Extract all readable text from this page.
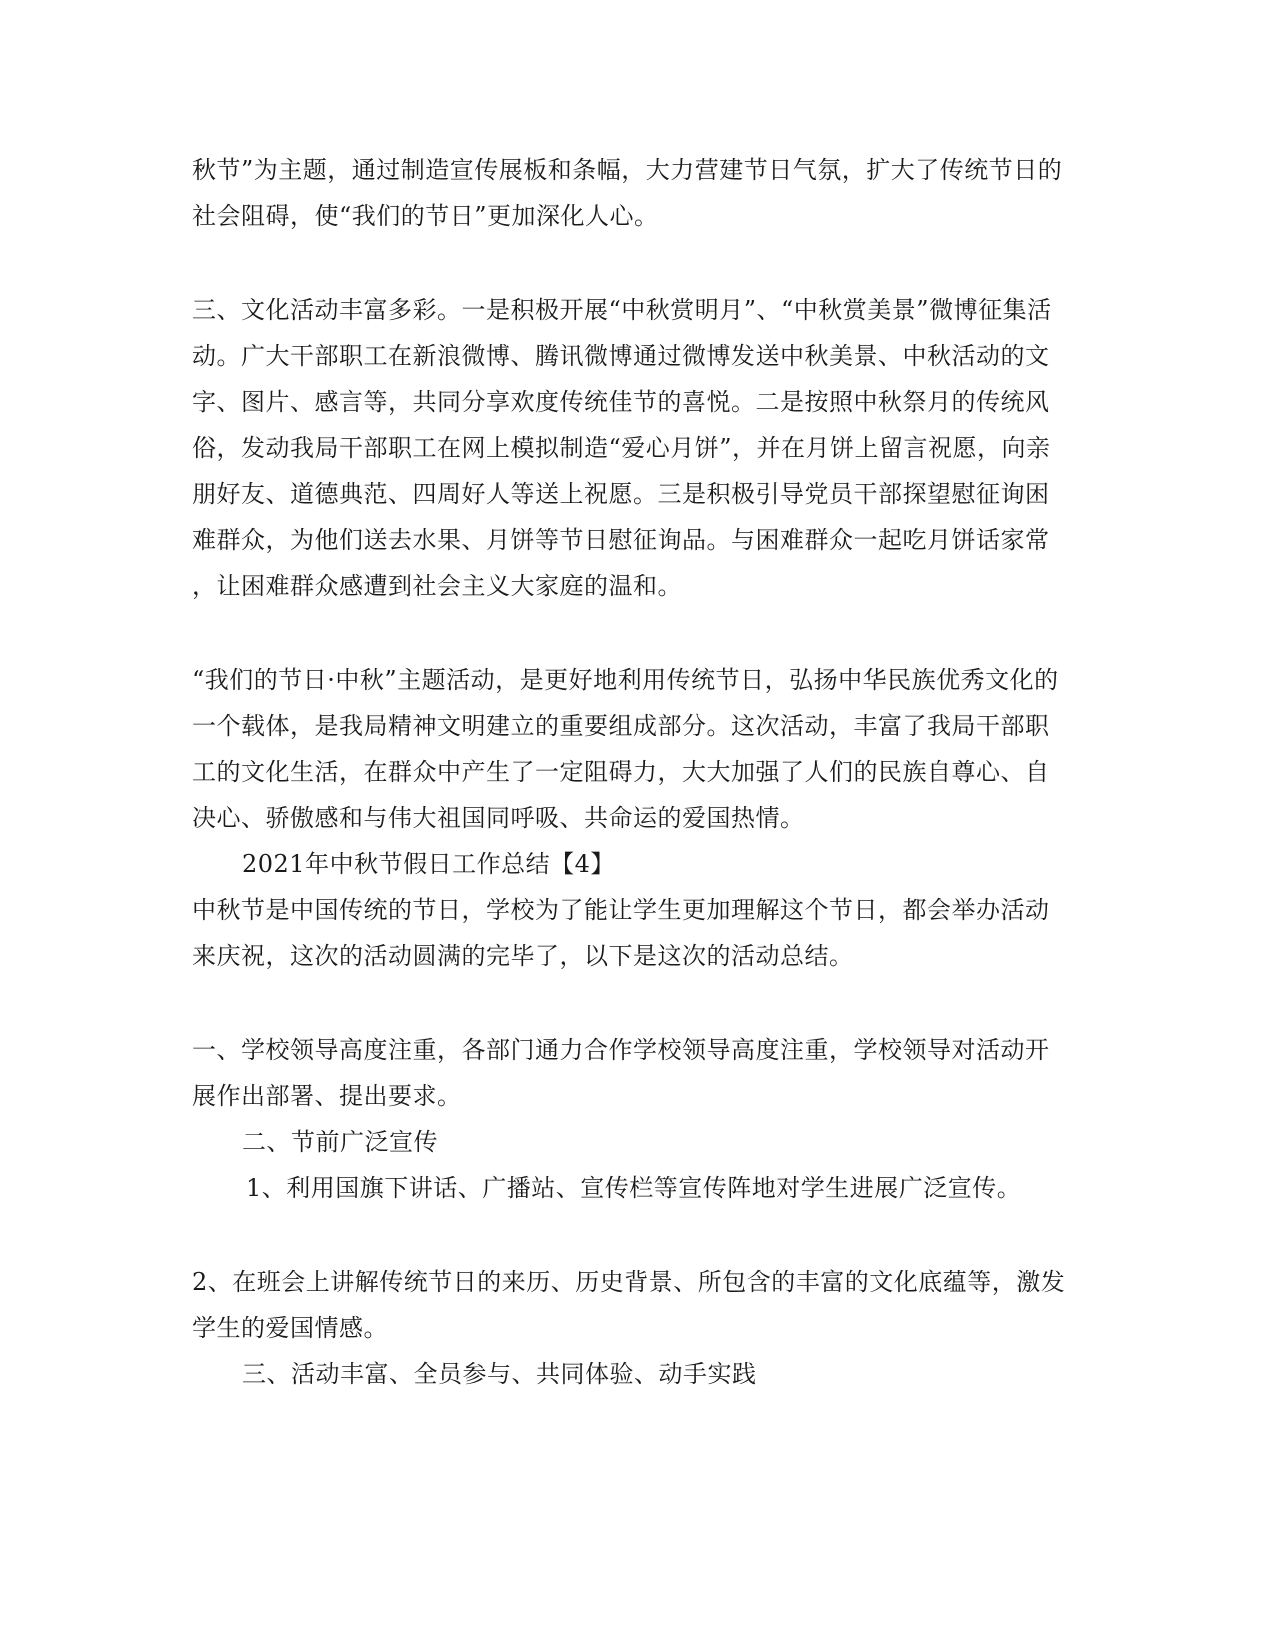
秋节”为主题，通过制造宣传展板和条幅，大力营建节日气氛，扩大了传统节日的
社会阻碍，使“我们的节日”更加深化人心。
三、文化活动丰富多彩。一是积极开展“中秋赏明月”、“中秋赏美景”微博征集活
动。广大干部职工在新浪微博、腾讯微博通过微博发送中秋美景、中秋活动的文
字、图片、感言等，共同分享欢度传统佳节的喜悦。二是按照中秋祭月的传统风
俗，发动我局干部职工在网上模拟制造“爱心月饼”，并在月饼上留言祝愿，向亲
朋好友、道德典范、四周好人等送上祝愿。三是积极引导党员干部探望慰征询困
难群众，为他们送去水果、月饼等节日慰征询品。与困难群众一起吃月饼话家常
，让困难群众感遭到社会主义大家庭的温和。
“我们的节日·中秋”主题活动，是更好地利用传统节日，弘扬中华民族优秀文化的
一个载体，是我局精神文明建立的重要组成部分。这次活动，丰富了我局干部职
工的文化生活，在群众中产生了一定阻碍力，大大加强了人们的民族自尊心、自
决心、骄傲感和与伟大祖国同呼吸、共命运的爱国热情。
2021年中秋节假日工作总结【4】
中秋节是中国传统的节日，学校为了能让学生更加理解这个节日，都会举办活动
来庆祝，这次的活动圆满的完毕了，以下是这次的活动总结。
一、学校领导高度注重，各部门通力合作学校领导高度注重，学校领导对活动开
展作出部署、提出要求。
二、节前广泛宣传
1、利用国旗下讲话、广播站、宣传栏等宣传阵地对学生进展广泛宣传。
2、在班会上讲解传统节日的来历、历史背景、所包含的丰富的文化底蕴等，激发
学生的爱国情感。
三、活动丰富、全员参与、共同体验、动手实践
